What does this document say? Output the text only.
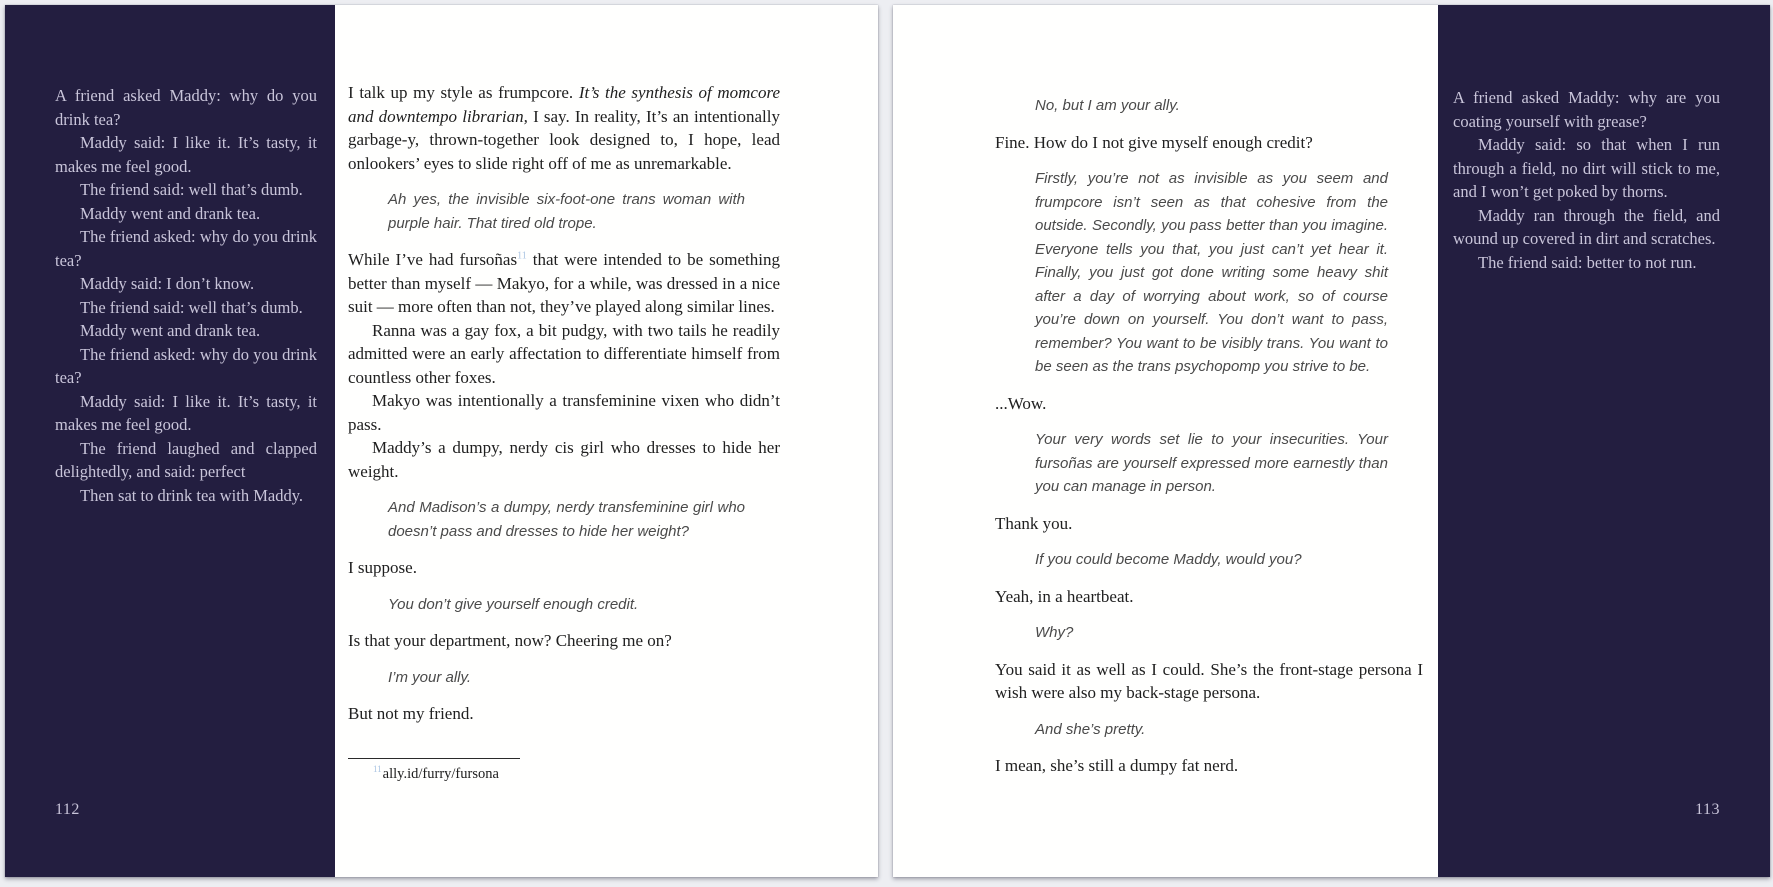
A friend asked Maddy: why do you drink tea?

Maddy said: I like it. It’s tasty, it makes me feel good.

The friend said: well that’s dumb.

Maddy went and drank tea.

The friend asked: why do you drink tea?

Maddy said: I don’t know.

The friend said: well that’s dumb.

Maddy went and drank tea.

The friend asked: why do you drink tea?

Maddy said: I like it. It’s tasty, it makes me feel good.

The friend laughed and clapped delightedly, and said: perfect

Then sat to drink tea with Maddy.

112

I talk up my style as frumpcore. It’s the synthesis of momcore and downtempo librarian, I say. In reality, It’s an intentionally garbage-y, thrown-together look designed to, I hope, lead onlookers’ eyes to slide right off of me as unremarkable.

Ah yes, the invisible six-foot-one trans woman with purple hair. That tired old trope.

While I’ve had fursoñas$^{11}$ that were intended to be something better than myself — Makyo, for a while, was dressed in a nice suit — more often than not, they’ve played along similar lines.

Ranna was a gay fox, a bit pudgy, with two tails he readily admitted were an early affectation to differentiate himself from countless other foxes.

Makyo was intentionally a transfeminine vixen who didn’t pass.

Maddy’s a dumpy, nerdy cis girl who dresses to hide her weight.

And Madison’s a dumpy, nerdy transfeminine girl who doesn’t pass and dresses to hide her weight?

I suppose.

You don’t give yourself enough credit.

Is that your department, now? Cheering me on?

I’m your ally.

But not my friend.

$^{11}$ally.id/furry/fursona

No, but I am your ally.

Fine. How do I not give myself enough credit?

Firstly, you’re not as invisible as you seem and frumpcore isn’t seen as that cohesive from the outside. Secondly, you pass better than you imagine. Everyone tells you that, you just can’t yet hear it. Finally, you just got done writing some heavy shit after a day of worrying about work, so of course you’re down on yourself. You don’t want to pass, remember? You want to be visibly trans. You want to be seen as the trans psychopomp you strive to be.

...Wow.

Your very words set lie to your insecurities. Your fursoñas are yourself expressed more earnestly than you can manage in person.

Thank you.

If you could become Maddy, would you?

Yeah, in a heartbeat.

Why?

You said it as well as I could. She’s the front-stage persona I wish were also my back-stage persona.

And she’s pretty.

I mean, she’s still a dumpy fat nerd.

A friend asked Maddy: why are you coating yourself with grease?

Maddy said: so that when I run through a field, no dirt will stick to me, and I won’t get poked by thorns.

Maddy ran through the field, and wound up covered in dirt and scratches.

The friend said: better to not run.

113
